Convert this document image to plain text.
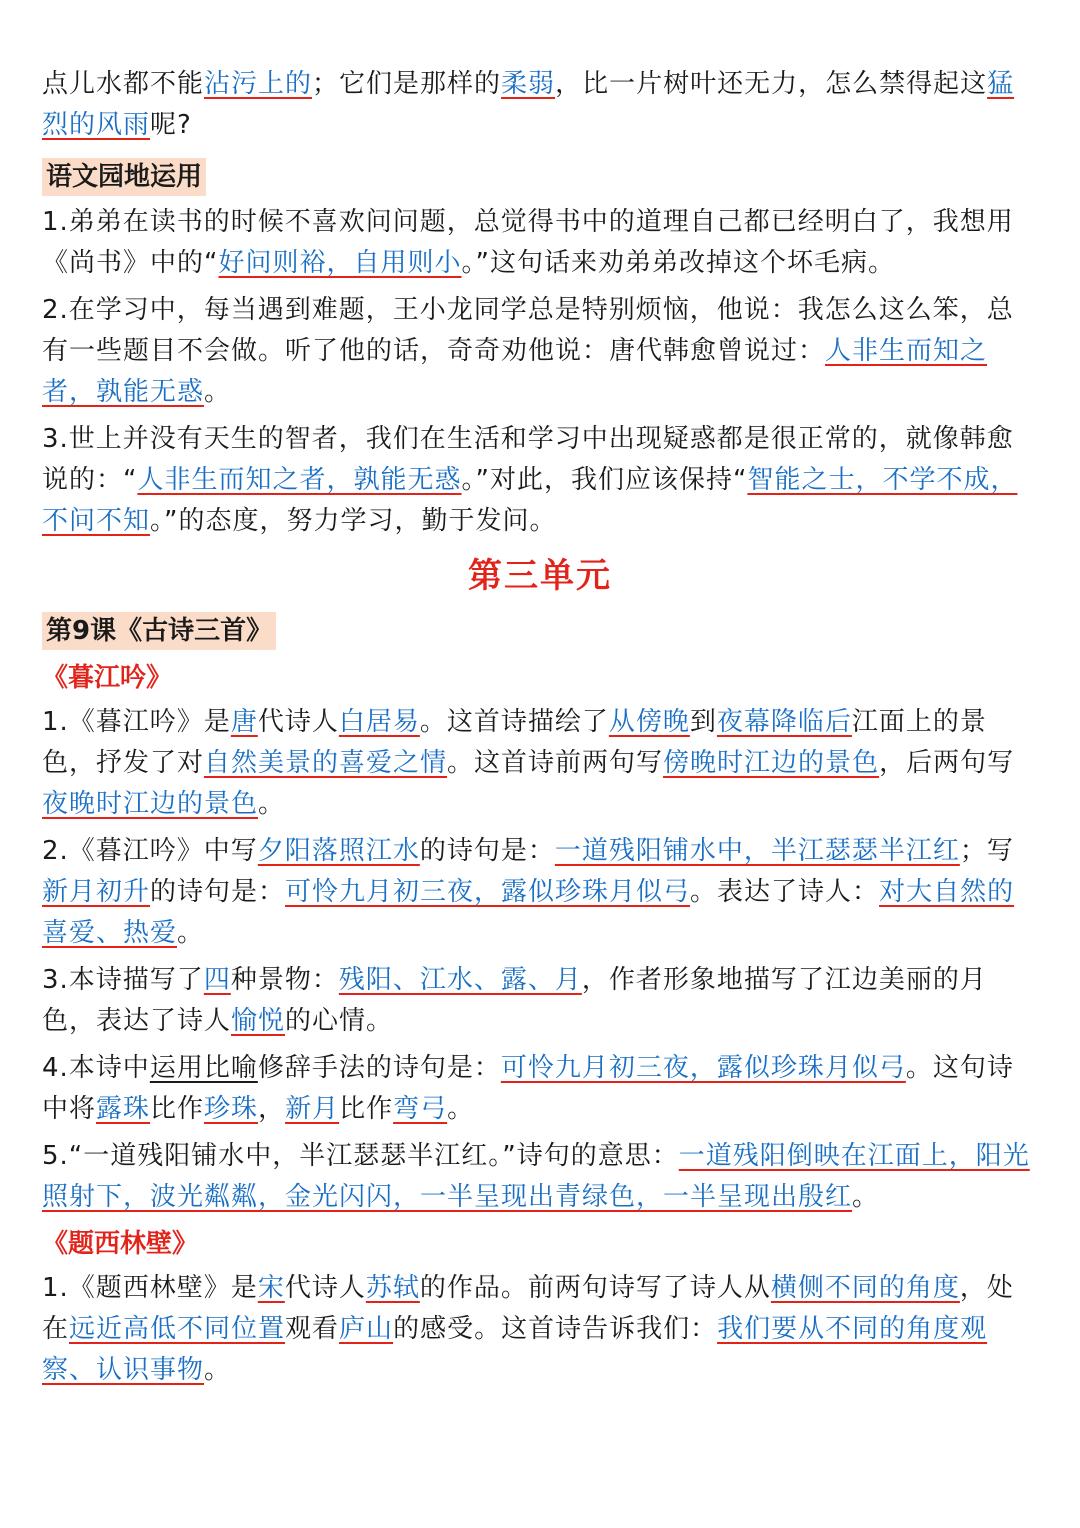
点儿水都不能沾污上的；它们是那样的柔弱，比一片树叶还无力，怎么禁得起这猛烈的风雨呢?

语文园地运用

1.弟弟在读书的时候不喜欢问问题，总觉得书中的道理自己都已经明白了，我想用《尚书》中的“好问则裕，自用则小。”这句话来劝弟弟改掉这个坏毛病。

2.在学习中，每当遇到难题，王小龙同学总是特别烦恼，他说：我怎么这么笨，总有一些题目不会做。听了他的话，奇奇劝他说：唐代韩愈曾说过：人非生而知之者，孰能无惑。

3.世上并没有天生的智者，我们在生活和学习中出现疑惑都是很正常的，就像韩愈说的：“人非生而知之者，孰能无惑。”对此，我们应该保持“智能之士，不学不成，不问不知。”的态度，努力学习，勤于发问。

第三单元
第9课《古诗三首》
《暮江吟》

1.《暮江吟》是唐代诗人白居易。这首诗描绘了从傍晚到夜幕降临后江面上的景色，抒发了对自然美景的喜爱之情。这首诗前两句写傍晚时江边的景色，后两句写夜晚时江边的景色。

2.《暮江吟》中写夕阳落照江水的诗句是：一道残阳铺水中，半江瑟瑟半江红；写新月初升的诗句是：可怜九月初三夜，露似珍珠月似弓。表达了诗人：对大自然的喜爱、热爱。

3.本诗描写了四种景物：残阳、江水、露、月，作者形象地描写了江边美丽的月色，表达了诗人愉悦的心情。

4.本诗中运用比喻修辞手法的诗句是：可怜九月初三夜，露似珍珠月似弓。这句诗中将露珠比作珍珠，新月比作弯弓。

5.“一道残阳铺水中，半江瑟瑟半江红。”诗句的意思：一道残阳倒映在江面上，阳光照射下，波光粼粼，金光闪闪，一半呈现出青绿色，一半呈现出殷红。

《题西林壁》

1.《题西林壁》是宋代诗人苏轼的作品。前两句诗写了诗人从横侧不同的角度，处在远近高低不同位置观看庐山的感受。这首诗告诉我们：我们要从不同的角度观察、认识事物。
